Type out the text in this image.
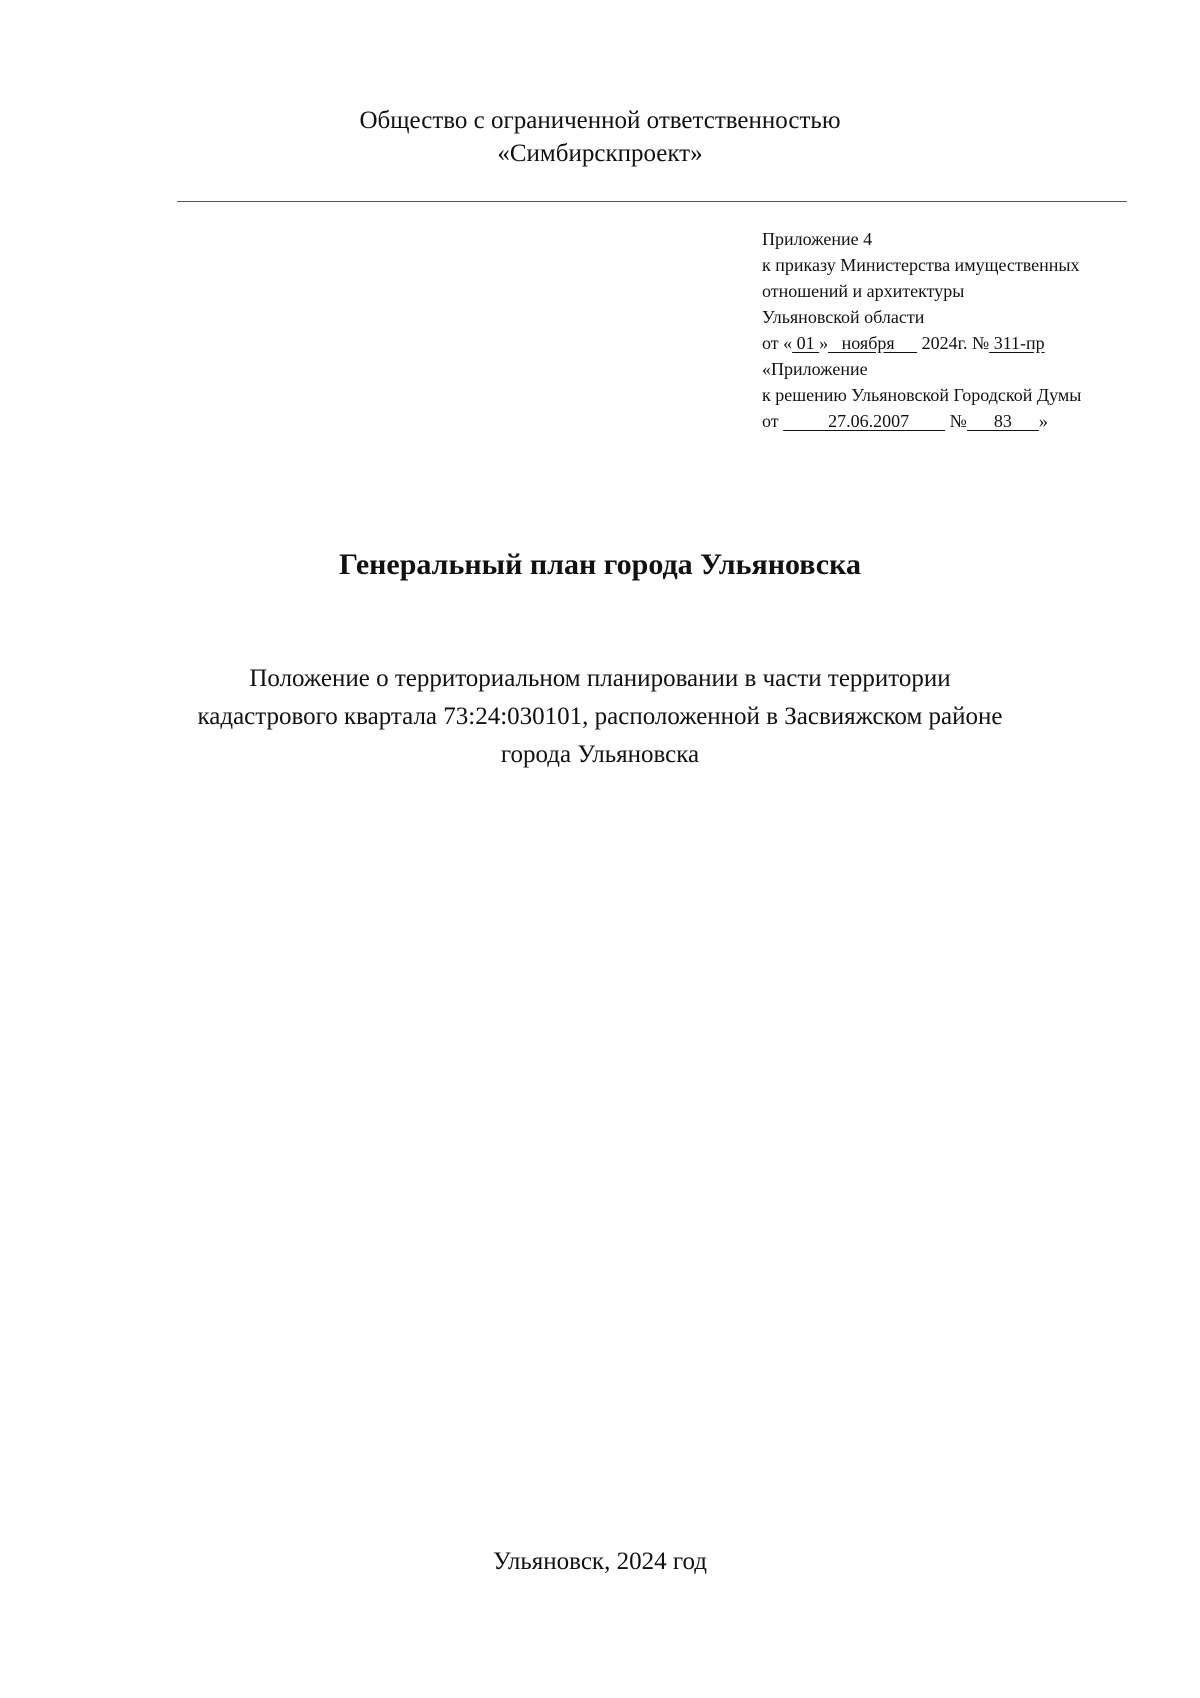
Общество с ограниченной ответственностью
«Симбирскпроект»
Приложение 4
к приказу Министерства имущественных
отношений и архитектуры
Ульяновской области
от « 01 »   ноября      2024г. № 311-пр
«Приложение
к решению Ульяновской Городской Думы
от           27.06.2007         №      83      »
Генеральный план города Ульяновска
Положение о территориальном планировании в части территории
кадастрового квартала 73:24:030101, расположенной в Засвияжском районе
города Ульяновска
Ульяновск, 2024 год
